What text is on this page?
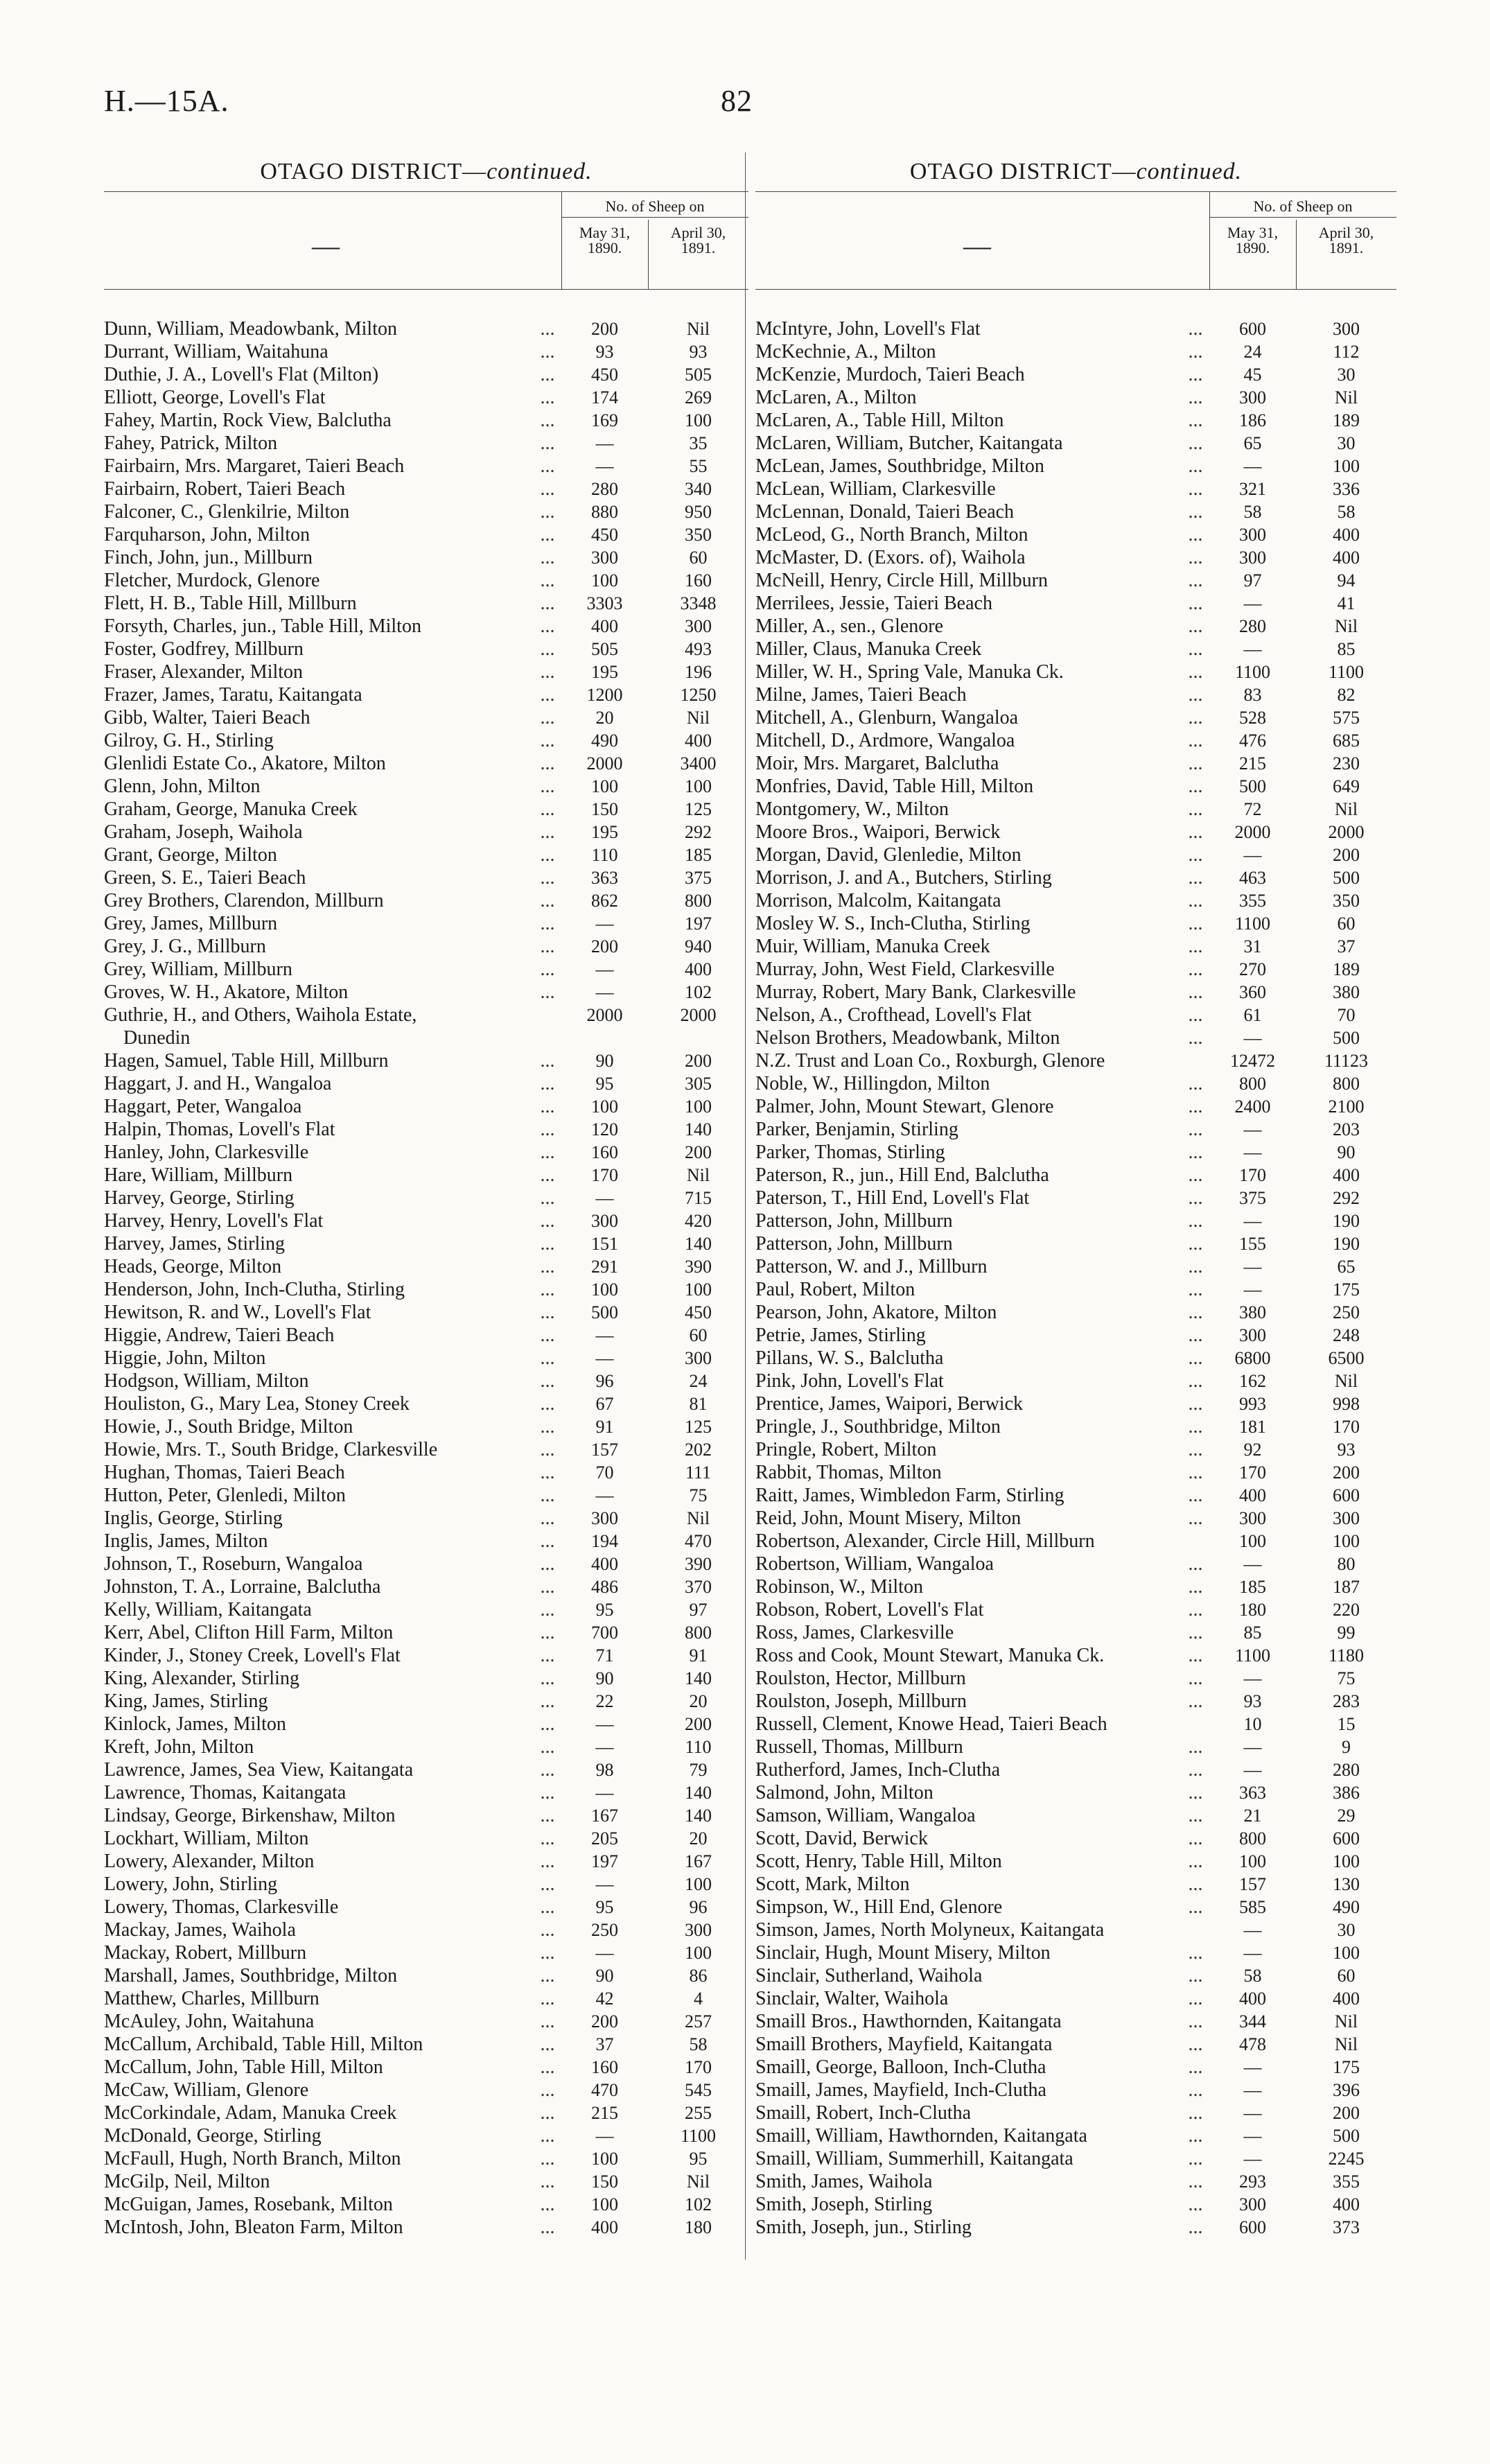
H.—15A.	82
OTAGO DISTRICT—continued.
—
No. of Sheep on
May 31,
1890.
April 30,
1891.
Dunn, William, Meadowbank, Milton	...	200	Nil
Durrant, William, Waitahuna	...	93	93
Duthie, J. A., Lovell's Flat (Milton)	...	450	505
Elliott, George, Lovell's Flat	...	174	269
Fahey, Martin, Rock View, Balclutha	...	169	100
Fahey, Patrick, Milton	...	—	35
Fairbairn, Mrs. Margaret, Taieri Beach	...	—	55
Fairbairn, Robert, Taieri Beach	...	280	340
Falconer, C., Glenkilrie, Milton	...	880	950
Farquharson, John, Milton	...	450	350
Finch, John, jun., Millburn	...	300	60
Fletcher, Murdock, Glenore	...	100	160
Flett, H. B., Table Hill, Millburn	...	3303	3348
Forsyth, Charles, jun., Table Hill, Milton	...	400	300
Foster, Godfrey, Millburn	...	505	493
Fraser, Alexander, Milton	...	195	196
Frazer, James, Taratu, Kaitangata	...	1200	1250
Gibb, Walter, Taieri Beach	...	20	Nil
Gilroy, G. H., Stirling	...	490	400
Glenlidi Estate Co., Akatore, Milton	...	2000	3400
Glenn, John, Milton	...	100	100
Graham, George, Manuka Creek	...	150	125
Graham, Joseph, Waihola	...	195	292
Grant, George, Milton	...	110	185
Green, S. E., Taieri Beach	...	363	375
Grey Brothers, Clarendon, Millburn	...	862	800
Grey, James, Millburn	...	—	197
Grey, J. G., Millburn	...	200	940
Grey, William, Millburn	...	—	400
Groves, W. H., Akatore, Milton	...	—	102
Guthrie, H., and Others, Waihola Estate,	2000	2000
Dunedin
Hagen, Samuel, Table Hill, Millburn	...	90	200
Haggart, J. and H., Wangaloa	...	95	305
Haggart, Peter, Wangaloa	...	100	100
Halpin, Thomas, Lovell's Flat	...	120	140
Hanley, John, Clarkesville	...	160	200
Hare, William, Millburn	...	170	Nil
Harvey, George, Stirling	...	—	715
Harvey, Henry, Lovell's Flat	...	300	420
Harvey, James, Stirling	...	151	140
Heads, George, Milton	...	291	390
Henderson, John, Inch-Clutha, Stirling	...	100	100
Hewitson, R. and W., Lovell's Flat	...	500	450
Higgie, Andrew, Taieri Beach	...	—	60
Higgie, John, Milton	...	—	300
Hodgson, William, Milton	...	96	24
Houliston, G., Mary Lea, Stoney Creek	...	67	81
Howie, J., South Bridge, Milton	...	91	125
Howie, Mrs. T., South Bridge, Clarkesville	...	157	202
Hughan, Thomas, Taieri Beach	...	70	111
Hutton, Peter, Glenledi, Milton	...	—	75
Inglis, George, Stirling	...	300	Nil
Inglis, James, Milton	...	194	470
Johnson, T., Roseburn, Wangaloa	...	400	390
Johnston, T. A., Lorraine, Balclutha	...	486	370
Kelly, William, Kaitangata	...	95	97
Kerr, Abel, Clifton Hill Farm, Milton	...	700	800
Kinder, J., Stoney Creek, Lovell's Flat	...	71	91
King, Alexander, Stirling	...	90	140
King, James, Stirling	...	22	20
Kinlock, James, Milton	...	—	200
Kreft, John, Milton	...	—	110
Lawrence, James, Sea View, Kaitangata	...	98	79
Lawrence, Thomas, Kaitangata	...	—	140
Lindsay, George, Birkenshaw, Milton	...	167	140
Lockhart, William, Milton	...	205	20
Lowery, Alexander, Milton	...	197	167
Lowery, John, Stirling	...	—	100
Lowery, Thomas, Clarkesville	...	95	96
Mackay, James, Waihola	...	250	300
Mackay, Robert, Millburn	...	—	100
Marshall, James, Southbridge, Milton	...	90	86
Matthew, Charles, Millburn	...	42	4
McAuley, John, Waitahuna	...	200	257
McCallum, Archibald, Table Hill, Milton	...	37	58
McCallum, John, Table Hill, Milton	...	160	170
McCaw, William, Glenore	...	470	545
McCorkindale, Adam, Manuka Creek	...	215	255
McDonald, George, Stirling	...	—	1100
McFaull, Hugh, North Branch, Milton	...	100	95
McGilp, Neil, Milton	...	150	Nil
McGuigan, James, Rosebank, Milton	...	100	102
McIntosh, John, Bleaton Farm, Milton	...	400	180
OTAGO DISTRICT—continued.
—
No. of Sheep on
May 31,
1890.
April 30,
1891.
McIntyre, John, Lovell's Flat	...	600	300
McKechnie, A., Milton	...	24	112
McKenzie, Murdoch, Taieri Beach	...	45	30
McLaren, A., Milton	...	300	Nil
McLaren, A., Table Hill, Milton	...	186	189
McLaren, William, Butcher, Kaitangata	...	65	30
McLean, James, Southbridge, Milton	...	—	100
McLean, William, Clarkesville	...	321	336
McLennan, Donald, Taieri Beach	...	58	58
McLeod, G., North Branch, Milton	...	300	400
McMaster, D. (Exors. of), Waihola	...	300	400
McNeill, Henry, Circle Hill, Millburn	...	97	94
Merrilees, Jessie, Taieri Beach	...	—	41
Miller, A., sen., Glenore	...	280	Nil
Miller, Claus, Manuka Creek	...	—	85
Miller, W. H., Spring Vale, Manuka Ck.	...	1100	1100
Milne, James, Taieri Beach	...	83	82
Mitchell, A., Glenburn, Wangaloa	...	528	575
Mitchell, D., Ardmore, Wangaloa	...	476	685
Moir, Mrs. Margaret, Balclutha	...	215	230
Monfries, David, Table Hill, Milton	...	500	649
Montgomery, W., Milton	...	72	Nil
Moore Bros., Waipori, Berwick	...	2000	2000
Morgan, David, Glenledie, Milton	...	—	200
Morrison, J. and A., Butchers, Stirling	...	463	500
Morrison, Malcolm, Kaitangata	...	355	350
Mosley W. S., Inch-Clutha, Stirling	...	1100	60
Muir, William, Manuka Creek	...	31	37
Murray, John, West Field, Clarkesville	...	270	189
Murray, Robert, Mary Bank, Clarkesville	...	360	380
Nelson, A., Crofthead, Lovell's Flat	...	61	70
Nelson Brothers, Meadowbank, Milton	...	—	500
N.Z. Trust and Loan Co., Roxburgh, Glenore	12472	11123
Noble, W., Hillingdon, Milton	...	800	800
Palmer, John, Mount Stewart, Glenore	...	2400	2100
Parker, Benjamin, Stirling	...	—	203
Parker, Thomas, Stirling	...	—	90
Paterson, R., jun., Hill End, Balclutha	...	170	400
Paterson, T., Hill End, Lovell's Flat	...	375	292
Patterson, John, Millburn	...	—	190
Patterson, John, Millburn	...	155	190
Patterson, W. and J., Millburn	...	—	65
Paul, Robert, Milton	...	—	175
Pearson, John, Akatore, Milton	...	380	250
Petrie, James, Stirling	...	300	248
Pillans, W. S., Balclutha	...	6800	6500
Pink, John, Lovell's Flat	...	162	Nil
Prentice, James, Waipori, Berwick	...	993	998
Pringle, J., Southbridge, Milton	...	181	170
Pringle, Robert, Milton	...	92	93
Rabbit, Thomas, Milton	...	170	200
Raitt, James, Wimbledon Farm, Stirling	...	400	600
Reid, John, Mount Misery, Milton	...	300	300
Robertson, Alexander, Circle Hill, Millburn	100	100
Robertson, William, Wangaloa	...	—	80
Robinson, W., Milton	...	185	187
Robson, Robert, Lovell's Flat	...	180	220
Ross, James, Clarkesville	...	85	99
Ross and Cook, Mount Stewart, Manuka Ck.	...	1100	1180
Roulston, Hector, Millburn	...	—	75
Roulston, Joseph, Millburn	...	93	283
Russell, Clement, Knowe Head, Taieri Beach	10	15
Russell, Thomas, Millburn	...	—	9
Rutherford, James, Inch-Clutha	...	—	280
Salmond, John, Milton	...	363	386
Samson, William, Wangaloa	...	21	29
Scott, David, Berwick	...	800	600
Scott, Henry, Table Hill, Milton	...	100	100
Scott, Mark, Milton	...	157	130
Simpson, W., Hill End, Glenore	...	585	490
Simson, James, North Molyneux, Kaitangata	—	30
Sinclair, Hugh, Mount Misery, Milton	...	—	100
Sinclair, Sutherland, Waihola	...	58	60
Sinclair, Walter, Waihola	...	400	400
Smaill Bros., Hawthornden, Kaitangata	...	344	Nil
Smaill Brothers, Mayfield, Kaitangata	...	478	Nil
Smaill, George, Balloon, Inch-Clutha	...	—	175
Smaill, James, Mayfield, Inch-Clutha	...	—	396
Smaill, Robert, Inch-Clutha	...	—	200
Smaill, William, Hawthornden, Kaitangata	...	—	500
Smaill, William, Summerhill, Kaitangata	...	—	2245
Smith, James, Waihola	...	293	355
Smith, Joseph, Stirling	...	300	400
Smith, Joseph, jun., Stirling	...	600	373
